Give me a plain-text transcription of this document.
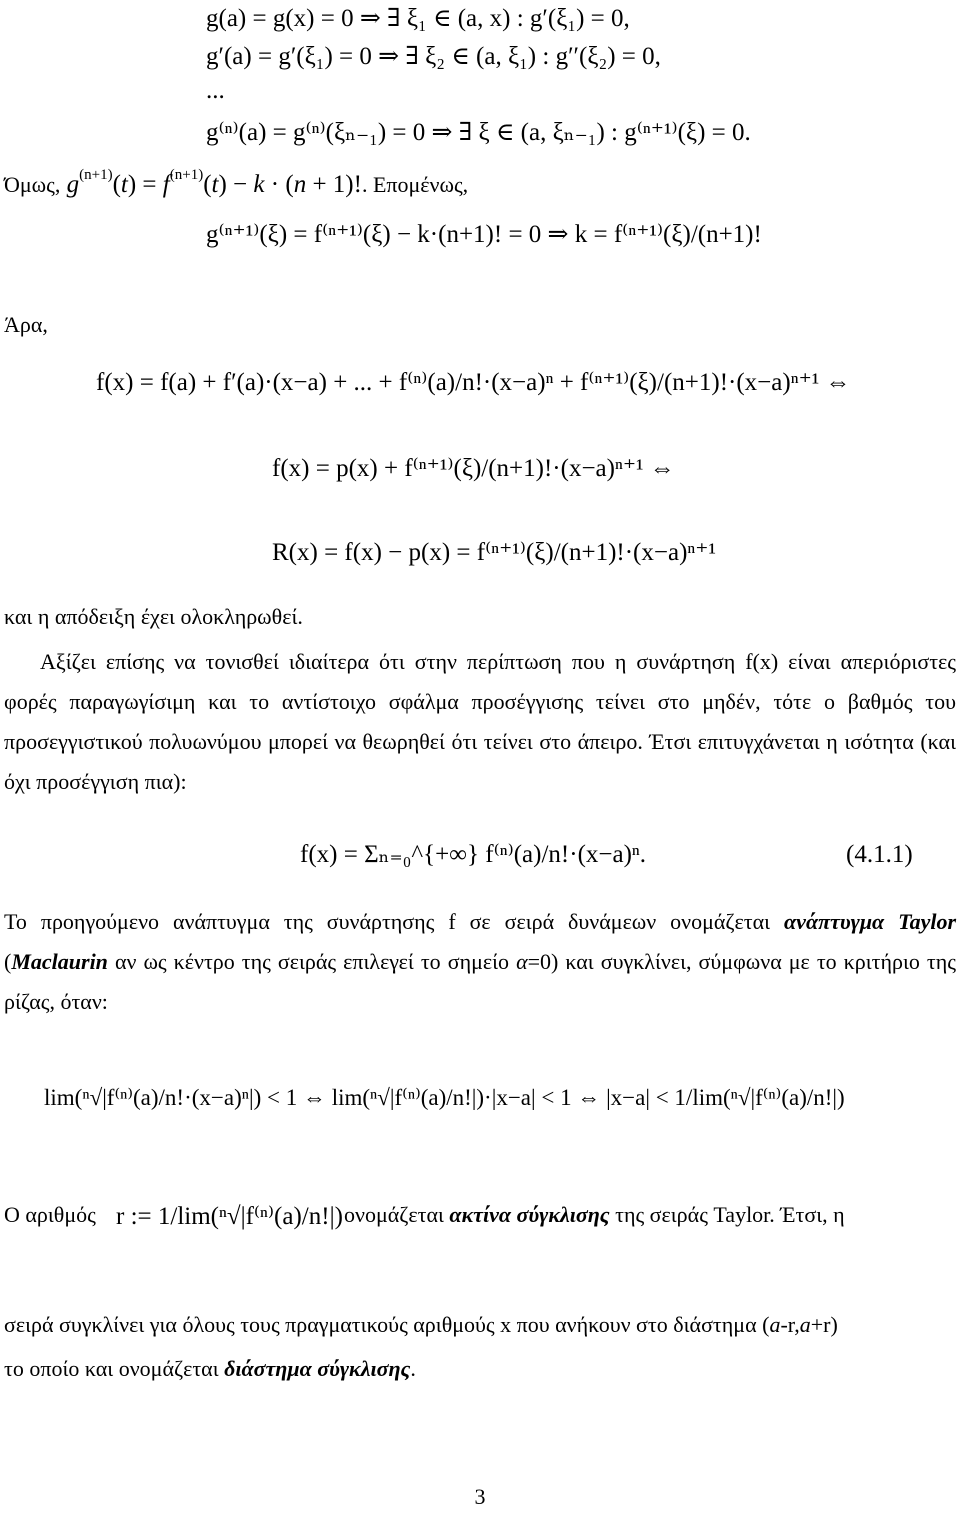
g(a) = g(x) = 0 ⇒ ∃ ξ₁ ∈ (a, x) : g′(ξ₁) = 0,
g′(a) = g′(ξ₁) = 0 ⇒ ∃ ξ₂ ∈ (a, ξ₁) : g′′(ξ₂) = 0,
...
g⁽ⁿ⁾(a) = g⁽ⁿ⁾(ξₙ₋₁) = 0 ⇒ ∃ ξ ∈ (a, ξₙ₋₁) : g⁽ⁿ⁺¹⁾(ξ) = 0.
Όμως, $g^{(n+1)}(t) = f^{(n+1)}(t) - k \cdot (n + 1)$!. Επομένως,
g⁽ⁿ⁺¹⁾(ξ) = f⁽ⁿ⁺¹⁾(ξ) − k·(n+1)! = 0 ⇒ k = f⁽ⁿ⁺¹⁾(ξ)/(n+1)!
Άρα,
f(x) = f(a) + f′(a)·(x−a) + ... + f⁽ⁿ⁾(a)/n!·(x−a)ⁿ + f⁽ⁿ⁺¹⁾(ξ)/(n+1)!·(x−a)ⁿ⁺¹ ⇔
f(x) = p(x) + f⁽ⁿ⁺¹⁾(ξ)/(n+1)!·(x−a)ⁿ⁺¹ ⇔
R(x) = f(x) − p(x) = f⁽ⁿ⁺¹⁾(ξ)/(n+1)!·(x−a)ⁿ⁺¹
και η απόδειξη έχει ολοκληρωθεί.
Αξίζει επίσης να τονισθεί ιδιαίτερα ότι στην περίπτωση που η συνάρτηση f(x) είναι απεριόριστες φορές παραγωγίσιμη και το αντίστοιχο σφάλμα προσέγγισης τείνει στο μηδέν, τότε ο βαθμός του προσεγγιστικού πολυωνύμου μπορεί να θεωρηθεί ότι τείνει στο άπειρο. Έτσι επιτυγχάνεται η ισότητα (και όχι προσέγγιση πια):
f(x) = Σₙ₌₀^{+∞} f⁽ⁿ⁾(a)/n!·(x−a)ⁿ.	(4.1.1)
Το προηγούμενο ανάπτυγμα της συνάρτησης f σε σειρά δυνάμεων ονομάζεται ανάπτυγμα Taylor (Maclaurin αν ως κέντρο της σειράς επιλεγεί το σημείο α=0) και συγκλίνει, σύμφωνα με το κριτήριο της ρίζας, όταν:
lim(ⁿ√|f⁽ⁿ⁾(a)/n!·(x−a)ⁿ|) < 1 ⇔ lim(ⁿ√|f⁽ⁿ⁾(a)/n!|)·|x−a| < 1 ⇔ |x−a| < 1/lim(ⁿ√|f⁽ⁿ⁾(a)/n!|)
Ο αριθμός r := 1/lim(ⁿ√|f⁽ⁿ⁾(a)/n!|) ονομάζεται ακτίνα σύγκλισης της σειράς Taylor. Έτσι, η
σειρά συγκλίνει για όλους τους πραγματικούς αριθμούς x που ανήκουν στο διάστημα (a-r,a+r)
το οποίο και ονομάζεται διάστημα σύγκλισης.
3
